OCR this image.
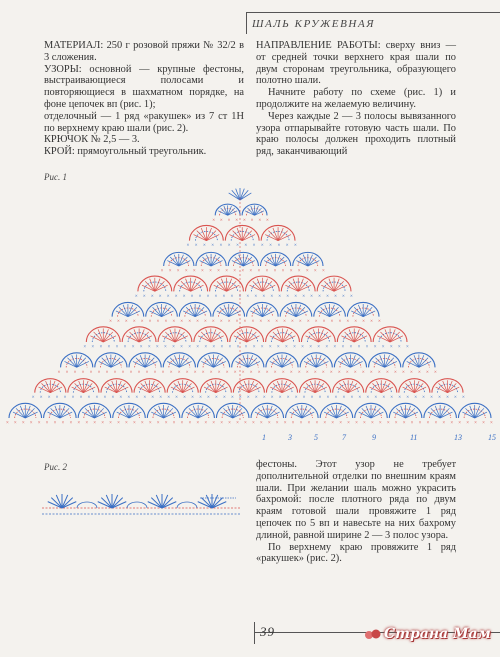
ШАЛЬ КРУЖЕВНАЯ

МАТЕРИАЛ: 250 г розовой пряжи № 32/2 в 3 сложения.

УЗОРЫ: основной — крупные фестоны, выстраивающиеся полосами и повторяющиеся в шахматном порядке, на фоне цепочек вп (рис. 1);

отделочный — 1 ряд «ракушек» из 7 ст 1Н по верхнему краю шали (рис. 2).

КРЮЧОК № 2,5 — 3.

КРОЙ: прямоугольный треугольник.

НАПРАВЛЕНИЕ РАБОТЫ: сверху вниз — от средней точки верхнего края шали по двум сторонам треугольника, образующего полотно шали.

Начните работу по схеме (рис. 1) и продолжите на желаемую величину.

Через каждые 2 — 3 полосы вывязанного узора отпарывайте готовую часть шали. По краю полосы должен проходить плотный ряд, заканчивающий

Рис. 1
× × × × × × × ×
× × × × × × × × × × × × × ×
× × × × × × × × × × × × × × × × × × × × ×
× × × × × × × × × × × × × × × × × × × × × × × × × × × ×
× × × × × × × × × × × × × × × × × × × × × × × × × × × × × × × × × × ×
× × × × × × × × × × × × × × × × × × × × × × × × × × × × × × × × × × × × × × × × ×
× × × × × × × × × × × × × × × × × × × × × × × × × × × × × × × × × × × × × × × × × × × × × × × ×
× × × × × × × × × × × × × × × × × × × × × × × × × × × × × × × × × × × × × × × × × × × × × × × × × × × × × × ×
× × × × × × × × × × × × × × × × × × × × × × × × × × × × × × × × × × × × × × × × × × × × × × × × × × × × × × × × × × × × × ×
1	3	5	7	9	11	13	15
Рис. 2	фестоны. Этот узор не требует дополнительной отделки по внешним краям шали. При желании шаль можно украсить бахромой: после плотного ряда по двум краям готовой шали провяжите 1 ряд цепочек по 5 вп и навесьте на них бахрому длиной, равной ширине 2 — 3 полос узора.

По верхнему краю провяжите 1 ряд «ракушек» (рис. 2).

39	Страна Мам
